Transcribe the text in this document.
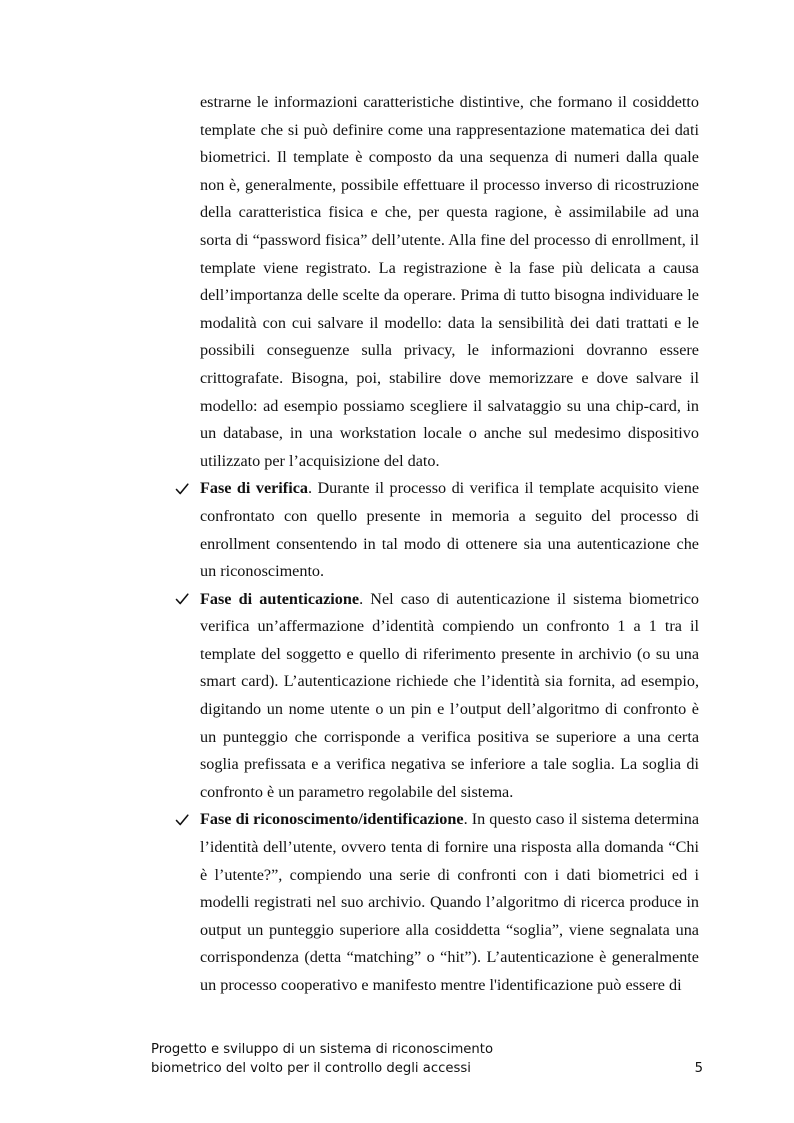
estrarne le informazioni caratteristiche distintive, che formano il cosiddetto template che si può definire come una rappresentazione matematica dei dati biometrici. Il template è composto da una sequenza di numeri dalla quale non è, generalmente, possibile effettuare il processo inverso di ricostruzione della caratteristica fisica e che, per questa ragione, è assimilabile ad una sorta di “password fisica” dell’utente. Alla fine del processo di enrollment, il template viene registrato. La registrazione è la fase più delicata a causa dell’importanza delle scelte da operare. Prima di tutto bisogna individuare le modalità con cui salvare il modello: data la sensibilità dei dati trattati e le possibili conseguenze sulla privacy, le informazioni dovranno essere crittografate. Bisogna, poi, stabilire dove memorizzare e dove salvare il modello: ad esempio possiamo scegliere il salvataggio su una chip-card, in un database, in una workstation locale o anche sul medesimo dispositivo utilizzato per l’acquisizione del dato.

Fase di verifica. Durante il processo di verifica il template acquisito viene confrontato con quello presente in memoria a seguito del processo di enrollment consentendo in tal modo di ottenere sia una autenticazione che un riconoscimento.
Fase di autenticazione. Nel caso di autenticazione il sistema biometrico verifica un’affermazione d’identità compiendo un confronto 1 a 1 tra il template del soggetto e quello di riferimento presente in archivio (o su una smart card). L’autenticazione richiede che l’identità sia fornita, ad esempio, digitando un nome utente o un pin e l’output dell’algoritmo di confronto è un punteggio che corrisponde a verifica positiva se superiore a una certa soglia prefissata e a verifica negativa se inferiore a tale soglia. La soglia di confronto è un parametro regolabile del sistema.
Fase di riconoscimento/identificazione. In questo caso il sistema determina l’identità dell’utente, ovvero tenta di fornire una risposta alla domanda “Chi è l’utente?”, compiendo una serie di confronti con i dati biometrici ed i modelli registrati nel suo archivio. Quando l’algoritmo di ricerca produce in output un punteggio superiore alla cosiddetta “soglia”, viene segnalata una corrispondenza (detta “matching” o “hit”). L’autenticazione è generalmente un processo cooperativo e manifesto mentre l'identificazione può essere di
Progetto e sviluppo di un sistema di riconoscimento
biometrico del volto per il controllo degli accessi	5
